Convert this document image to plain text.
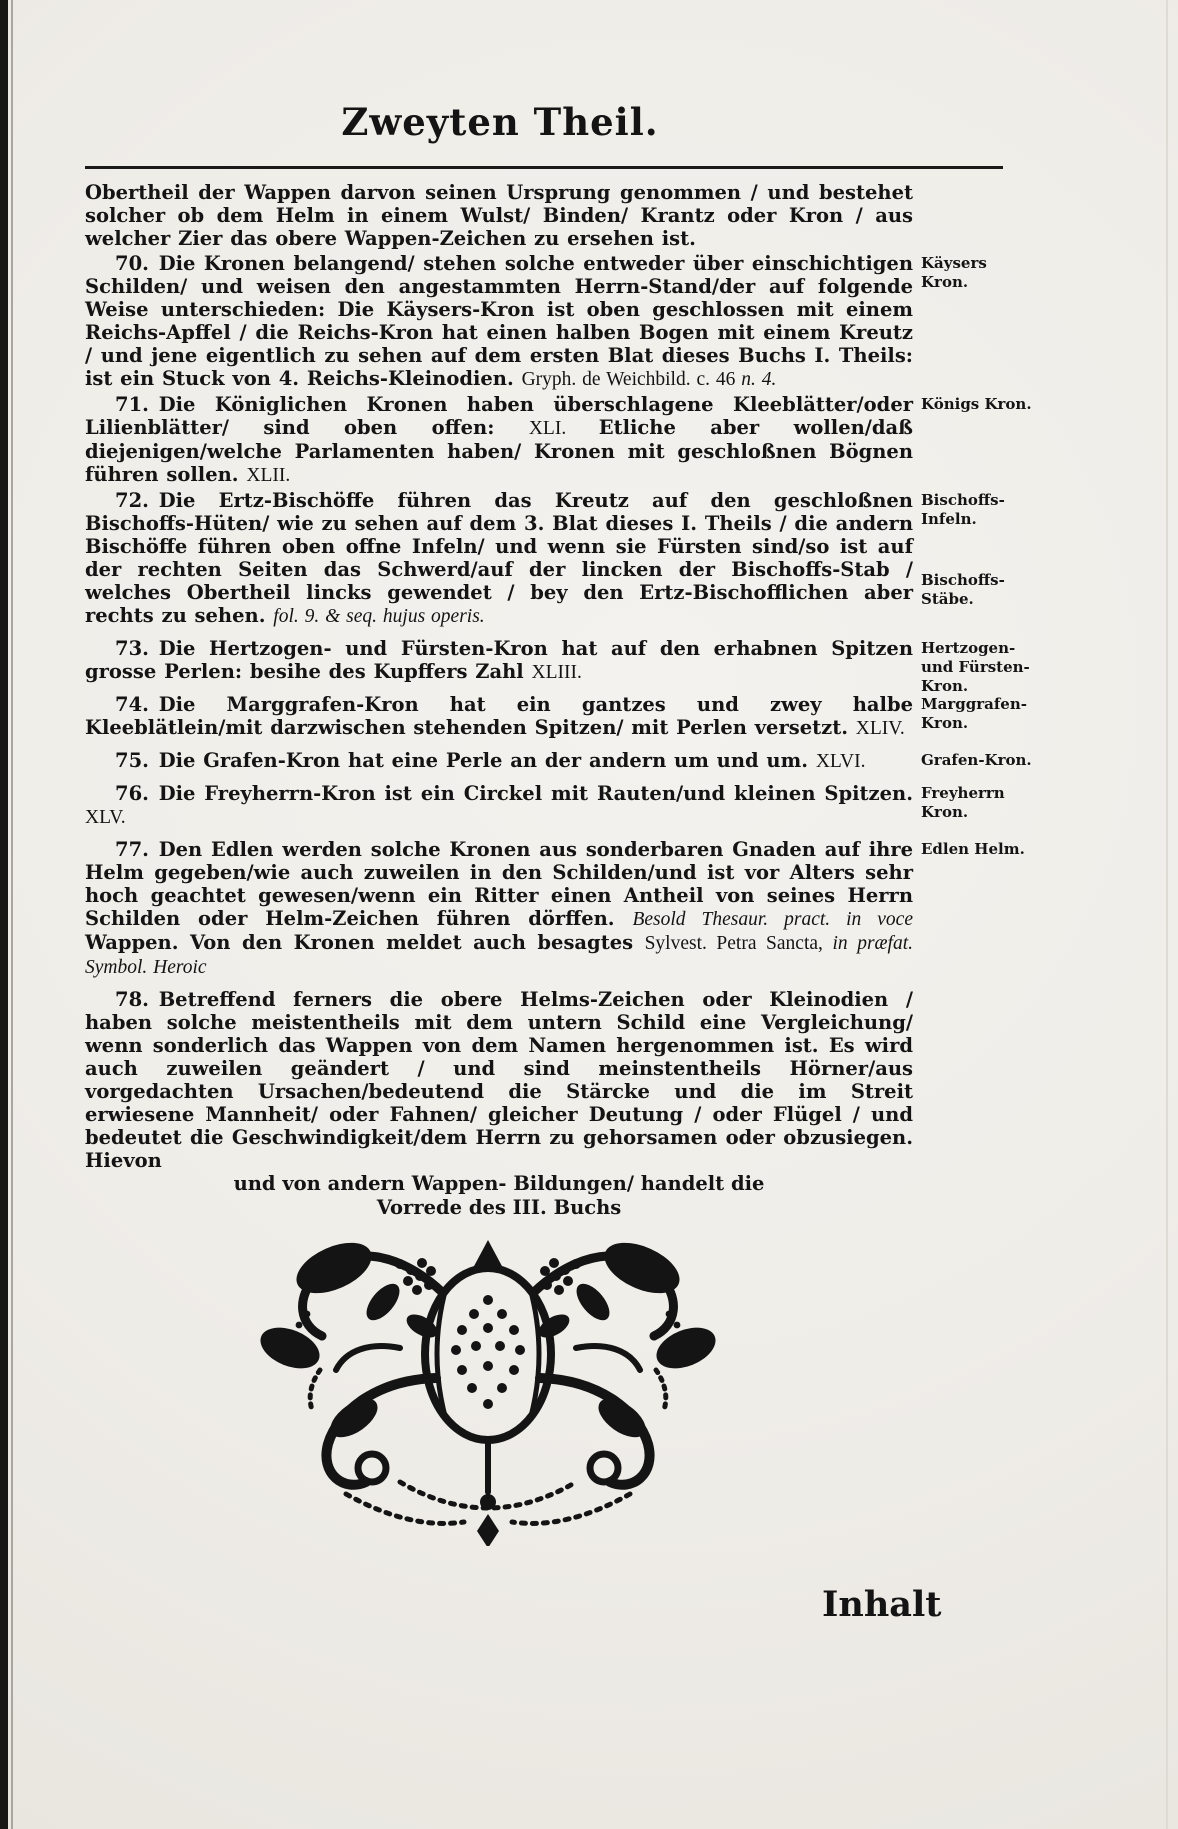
Zweyten Theil.

Obertheil der Wappen darvon seinen Ursprung genommen / und bestehet solcher ob dem Helm in einem Wulst/ Binden/ Krantz oder Kron / aus welcher Zier das obere Wappen-Zeichen zu ersehen ist.

70. Die Kronen belangend/ stehen solche entweder über einschichtigen Schilden/ und weisen den angestammten Herrn-Stand/der auf folgende Weise unterschieden: Die Käysers-Kron ist oben geschlossen mit einem Reichs-Apffel / die Reichs-Kron hat einen halben Bogen mit einem Kreutz / und jene eigentlich zu sehen auf dem ersten Blat dieses Buchs I. Theils: ist ein Stuck von 4. Reichs-Kleinodien. Gryph. de Weichbild. c. 46 n. 4.

Käysers Kron.

71. Die Königlichen Kronen haben überschlagene Kleeblätter/oder Lilienblätter/ sind oben offen: XLI. Etliche aber wollen/daß diejenigen/welche Parlamenten haben/ Kronen mit geschloßnen Bögnen führen sollen. XLII.

Königs Kron.

72. Die Ertz-Bischöffe führen das Kreutz auf den geschloßnen Bischoffs-Hüten/ wie zu sehen auf dem 3. Blat dieses I. Theils / die andern Bischöffe führen oben offne Infeln/ und wenn sie Fürsten sind/so ist auf der rechten Seiten das Schwerd/auf der lincken der Bischoffs-Stab / welches Obertheil lincks gewendet / bey den Ertz-Bischofflichen aber rechts zu sehen. fol. 9. & seq. hujus operis.

Bischoffs-Infeln.
Bischoffs-Stäbe.

73. Die Hertzogen- und Fürsten-Kron hat auf den erhabnen Spitzen grosse Perlen: besihe des Kupffers Zahl XLIII.

Hertzogen- und Fürsten-Kron.

74. Die Marggrafen-Kron hat ein gantzes und zwey halbe Kleeblätlein/mit darzwischen stehenden Spitzen/ mit Perlen versetzt. XLIV.

Marggrafen-Kron.

75. Die Grafen-Kron hat eine Perle an der andern um und um. XLVI.	Grafen-Kron.

76. Die Freyherrn-Kron ist ein Circkel mit Rauten/und kleinen Spitzen. XLV.

Freyherrn Kron.

77. Den Edlen werden solche Kronen aus sonderbaren Gnaden auf ihre Helm gegeben/wie auch zuweilen in den Schilden/und ist vor Alters sehr hoch geachtet gewesen/wenn ein Ritter einen Antheil von seines Herrn Schilden oder Helm-Zeichen führen dörffen. Besold Thesaur. pract. in voce Wappen. Von den Kronen meldet auch besagtes Sylvest. Petra Sancta, in præfat. Symbol. Heroic

Edlen Helm.

78. Betreffend ferners die obere Helms-Zeichen oder Kleinodien / haben solche meistentheils mit dem untern Schild eine Vergleichung/ wenn sonderlich das Wappen von dem Namen hergenommen ist. Es wird auch zuweilen geändert / und sind meinstentheils Hörner/aus vorgedachten Ursachen/bedeutend die Stärcke und die im Streit erwiesene Mannheit/ oder Fahnen/ gleicher Deutung / oder Flügel / und bedeutet die Geschwindigkeit/dem Herrn zu gehorsamen oder obzusiegen. Hievon

und von andern Wappen- Bildungen/ handelt die
Vorrede des III. Buchs
Inhalt
